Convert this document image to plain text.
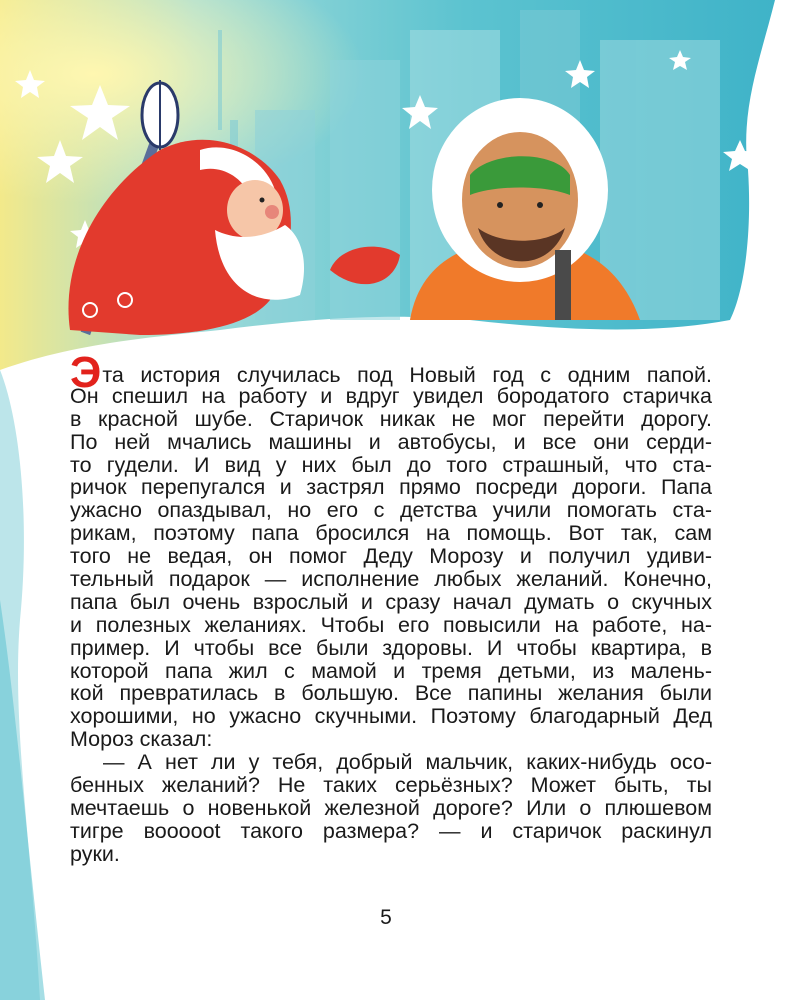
Эта история случилась под Новый год с одним папой.
Он спешил на работу и вдруг увидел бородатого старичка
в красной шубе. Старичок никак не мог перейти дорогу.
По ней мчались машины и автобусы, и все они серди-
то гудели. И вид у них был до того страшный, что ста-
ричок перепугался и застрял прямо посреди дороги. Папа
ужасно опаздывал, но его с детства учили помогать ста-
рикам, поэтому папа бросился на помощь. Вот так, сам
того не ведая, он помог Деду Морозу и получил удиви-
тельный подарок — исполнение любых желаний. Конечно,
папа был очень взрослый и сразу начал думать о скучных
и полезных желаниях. Чтобы его повысили на работе, на-
пример. И чтобы все были здоровы. И чтобы квартира, в
которой папа жил с мамой и тремя детьми, из малень-
кой превратилась в большую. Все папины желания были
хорошими, но ужасно скучными. Поэтому благодарный Дед
Мороз сказал:
— А нет ли у тебя, добрый мальчик, каких-нибудь осо-
бенных желаний? Не таких серьёзных? Может быть, ты
мечтаешь о новенькой железной дороге? Или о плюшевом
тигре воооoot такого размера? — и старичок раскинул
руки.
5
